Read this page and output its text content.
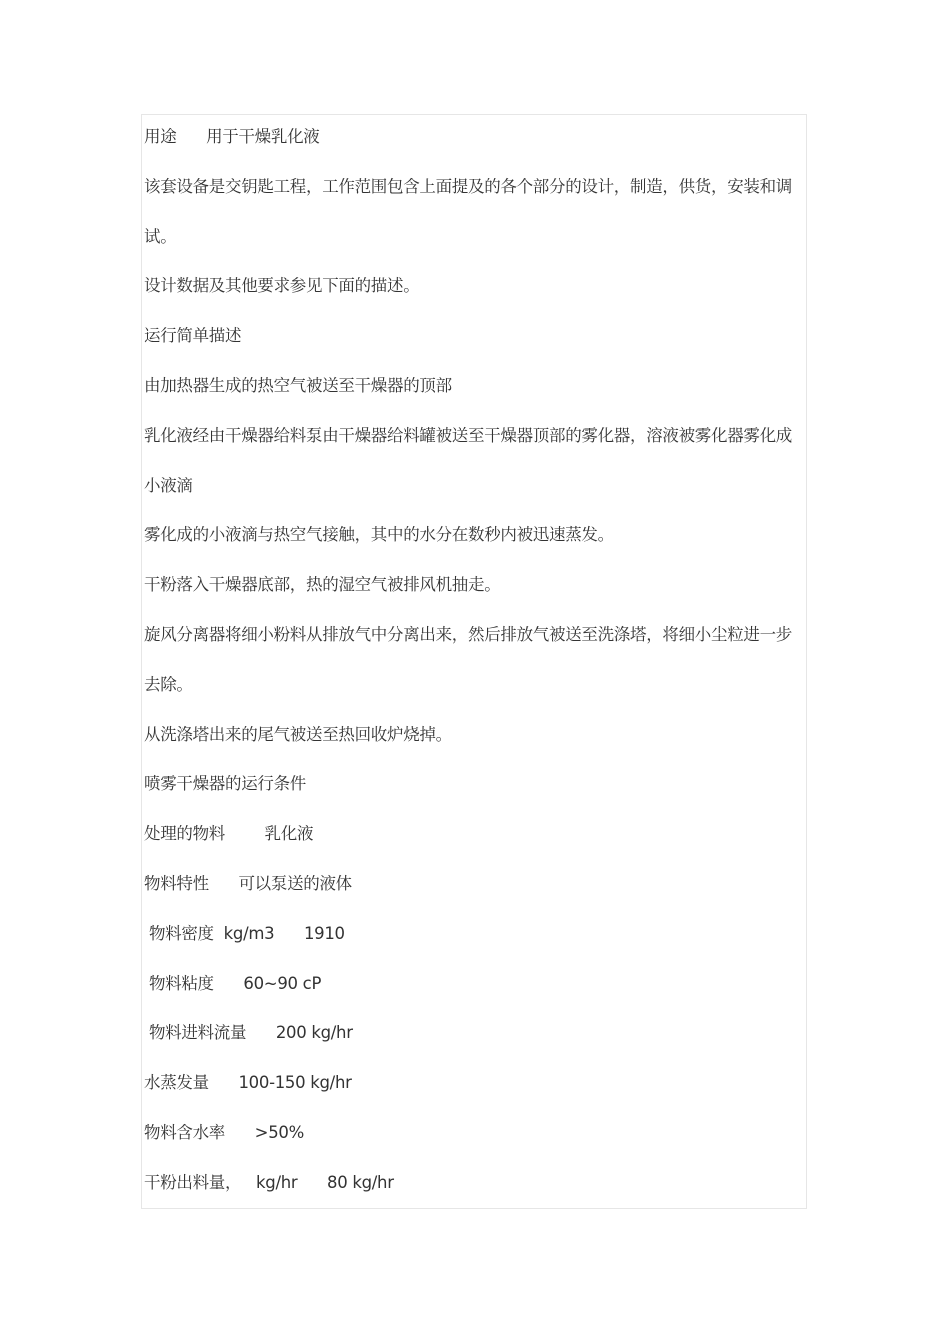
用途      用于干燥乳化液
该套设备是交钥匙工程，工作范围包含上面提及的各个部分的设计，制造，供货，安装和调
试。
设计数据及其他要求参见下面的描述。
运行简单描述
由加热器生成的热空气被送至干燥器的顶部
乳化液经由干燥器给料泵由干燥器给料罐被送至干燥器顶部的雾化器，溶液被雾化器雾化成
小液滴
雾化成的小液滴与热空气接触，其中的水分在数秒内被迅速蒸发。
干粉落入干燥器底部，热的湿空气被排风机抽走。
旋风分离器将细小粉料从排放气中分离出来，然后排放气被送至洗涤塔，将细小尘粒进一步
去除。
从洗涤塔出来的尾气被送至热回收炉烧掉。
喷雾干燥器的运行条件
处理的物料        乳化液
物料特性      可以泵送的液体
物料密度  kg/m3      1910
物料粘度      60~90 cP
物料进料流量      200 kg/hr
水蒸发量      100-150 kg/hr
物料含水率      >50%
干粉出料量，   kg/hr      80 kg/hr
